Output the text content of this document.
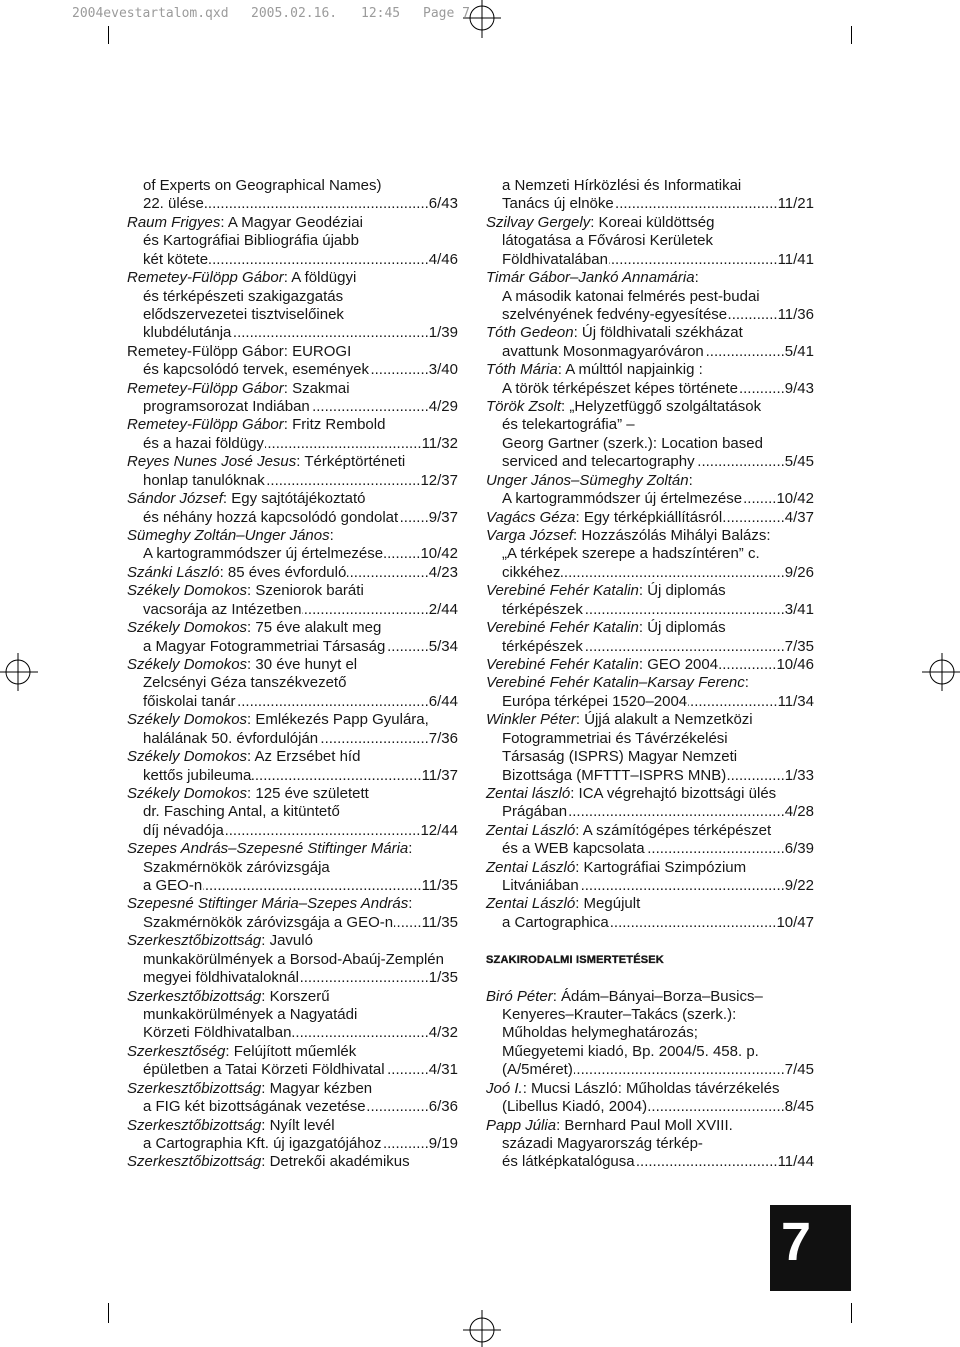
2004evestartalom.qxd 2005.02.16. 12:45 Page 7
of Experts on Geographical Names)
22. ülése .....	6/43
Raum Frigyes: A Magyar Geodéziai
és Kartográfiai Bibliográfia újabb
két kötete .....	4/46
Remetey-Fülöpp Gábor: A földügyi
és térképészeti szakigazgatás
elődszervezetei tisztviselőinek
klubdélutánja .....	1/39
Remetey-Fülöpp Gábor: EUROGI
és kapcsolódó tervek, események .....	3/40
Remetey-Fülöpp Gábor: Szakmai
programsorozat Indiában .....	4/29
Remetey-Fülöpp Gábor: Fritz Rembold
és a hazai földügy .....	11/32
Reyes Nunes José Jesus: Térképtörténeti
honlap tanulóknak .....	12/37
Sándor József: Egy sajtótájékoztató
és néhány hozzá kapcsolódó gondolat ..... 9/37
Sümeghy Zoltán–Unger János:
A kartogrammódszer új értelmezése ..... 10/42
Szánki László: 85 éves évforduló .....	4/23
Székely Domokos: Szeniorok baráti
vacsorája az Intézetben .....	2/44
Székely Domokos: 75 éve alakult meg
a Magyar Fotogrammetriai Társaság .....	5/34
Székely Domokos: 30 éve hunyt el
Zelcsényi Géza tanszékvezető
főiskolai tanár .....	6/44
Székely Domokos: Emlékezés Papp Gyulára,
halálának 50. évfordulóján .....	7/36
Székely Domokos: Az Erzsébet híd
kettős jubileuma .....	11/37
Székely Domokos: 125 éve született
dr. Fasching Antal, a kitüntető
díj névadója .....	12/44
Szepes András–Szepesné Stiftinger Mária:
Szakmérnökök záróvizsgája
a GEO-n .....	11/35
Szepesné Stiftinger Mária–Szepes András:
Szakmérnökök záróvizsgája a GEO-n ..... 11/35
Szerkesztőbizottság: Javuló
munkakörülmények a Borsod-Abaúj-Zemplén
megyei földhivataloknál .....	1/35
Szerkesztőbizottság: Korszerű
munkakörülmények a Nagyatádi
Körzeti Földhivatalban .....	4/32
Szerkesztőség: Felújított műemlék
épületben a Tatai Körzeti Földhivatal .....	4/31
Szerkesztőbizottság: Magyar kézben
a FIG két bizottságának vezetése .....	6/36
Szerkesztőbizottság: Nyílt levél
a Cartographia Kft. új igazgatójához .....	9/19
Szerkesztőbizottság: Detrekői akadémikus
a Nemzeti Hírközlési és Informatikai
Tanács új elnöke .....	11/21
Szilvay Gergely: Koreai küldöttség
látogatása a Fővárosi Kerületek
Földhivatalában .....	11/41
Timár Gábor–Jankó Annamária:
A második katonai felmérés pest-budai
szelvényének fedvény-egyesítése .....	11/36
Tóth Gedeon: Új földhivatali székházat
avattunk Mosonmagyaróváron .....	5/41
Tóth Mária: A múlttól napjainkig :
A török térképészet képes története .....	9/43
Török Zsolt: „Helyzetfüggő szolgáltatások
és telekartográfia” –
Georg Gartner (szerk.): Location based
serviced and telecartography .....	5/45
Unger János–Sümeghy Zoltán:
A kartogrammódszer új értelmezése ..... 10/42
Vagács Géza: Egy térképkiállításról .....	4/37
Varga József: Hozzászólás Mihályi Balázs:
„A térképek szerepe a hadszíntéren” c.
cikkéhez .....	9/26
Verebiné Fehér Katalin: Új diplomás
térképészek .....	3/41
Verebiné Fehér Katalin: Új diplomás
térképészek .....	7/35
Verebiné Fehér Katalin: GEO 2004 .....	10/46
Verebiné Fehér Katalin–Karsay Ferenc:
Európa térképei 1520–2004 .....	11/34
Winkler Péter: Újjá alakult a Nemzetközi
Fotogrammetriai és Távérzékelési
Társaság (ISPRS) Magyar Nemzeti
Bizottsága (MFTTT–ISPRS MNB) .....	1/33
Zentai lászló: ICA végrehajtó bizottsági ülés
Prágában .....	4/28
Zentai László: A számítógépes térképészet
és a WEB kapcsolata .....	6/39
Zentai László: Kartográfiai Szimpózium
Litvániában .....	9/22
Zentai László: Megújult
a Cartographica .....	10/47
SZAKIRODALMI ISMERTETÉSEK
Biró Péter: Ádám–Bányai–Borza–Busics–
Kenyeres–Krauter–Takács (szerk.):
Műholdas helymeghatározás;
Műegyetemi kiadó, Bp. 2004/5. 458. p.
(A/5méret) .....	7/45
Joó I.: Mucsi László: Műholdas távérzékelés
(Libellus Kiadó, 2004) .....	8/45
Papp Júlia: Bernhard Paul Moll XVIII.
századi Magyarország térkép-
és látképkatalógusa .....	11/44
7
